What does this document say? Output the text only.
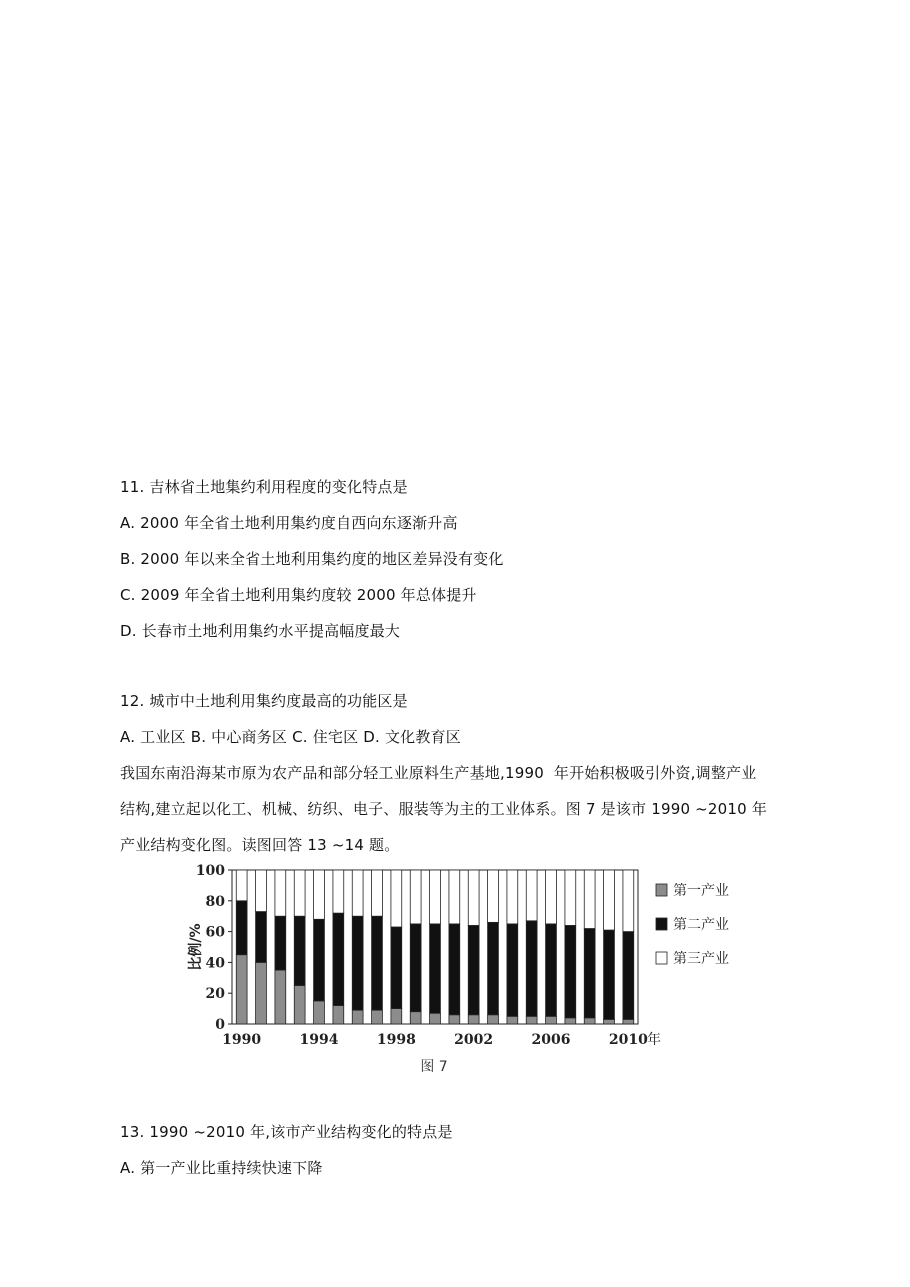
11. 吉林省土地集约利用程度的变化特点是
A. 2000 年全省土地利用集约度自西向东逐渐升高
B. 2000 年以来全省土地利用集约度的地区差异没有变化
C. 2009 年全省土地利用集约度较 2000 年总体提升
D. 长春市土地利用集约水平提高幅度最大
12. 城市中土地利用集约度最高的功能区是
A. 工业区 B. 中心商务区 C. 住宅区 D. 文化教育区
我国东南沿海某市原为农产品和部分轻工业原料生产基地,1990  年开始积极吸引外资,调整产业
结构,建立起以化工、机械、纺织、电子、服装等为主的工业体系。图 7 是该市 1990 ~2010 年
产业结构变化图。读图回答 13 ~14 题。
0
20
40
60
80
100
比例/%
1990	1994	1998	2002	2006	2010 年
第一产业
第二产业
第三产业
图 7
13. 1990 ~2010 年,该市产业结构变化的特点是
A. 第一产业比重持续快速下降
